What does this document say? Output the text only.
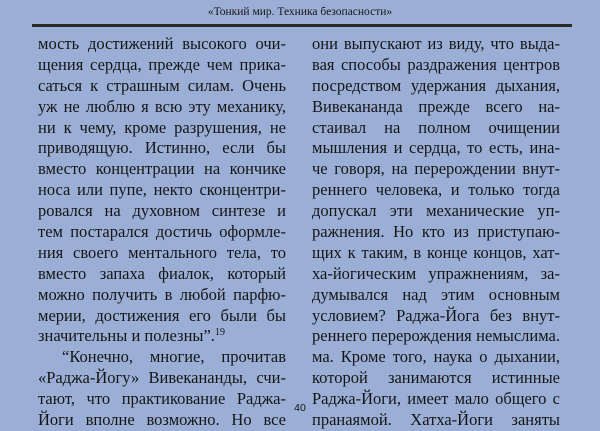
«Тонкий мир. Техника безопасности»
мость достижений высокого очи-
щения сердца, прежде чем прика-
саться к страшным силам. Очень
уж не люблю я всю эту механику,
ни к чему, кроме разрушения, не
приводящую. Истинно, если бы
вместо концентрации на кончике
носа или пупе, некто сконцентри-
ровался на духовном синтезе и
тем постарался достичь оформле-
ния своего ментального тела, то
вместо запаха фиалок, который
можно получить в любой парфю-
мерии, достижения его были бы
значительны и полезны”.$^{19}$
“Конечно, многие, прочитав
«Раджа-Йогу» Вивекананды, счи-
тают, что практикование Раджа-
Йоги вполне возможно. Но все
они выпускают из виду, что выда-
вая способы раздражения центров
посредством удержания дыхания,
Вивекананда прежде всего на-
стаивал на полном очищении
мышления и сердца, то есть, ина-
че говоря, на перерождении внут-
реннего человека, и только тогда
допускал эти механические уп-
ражнения. Но кто из приступаю-
щих к таким, в конце концов, хат-
ха-йогическим упражнениям, за-
думывался над этим основным
условием? Раджа-Йога без внут-
реннего перерождения немыслима.
ма. Кроме того, наука о дыхании,
которой занимаются истинные
Раджа-Йоги, имеет мало общего с
пранаямой. Хатха-Йоги заняты
40
